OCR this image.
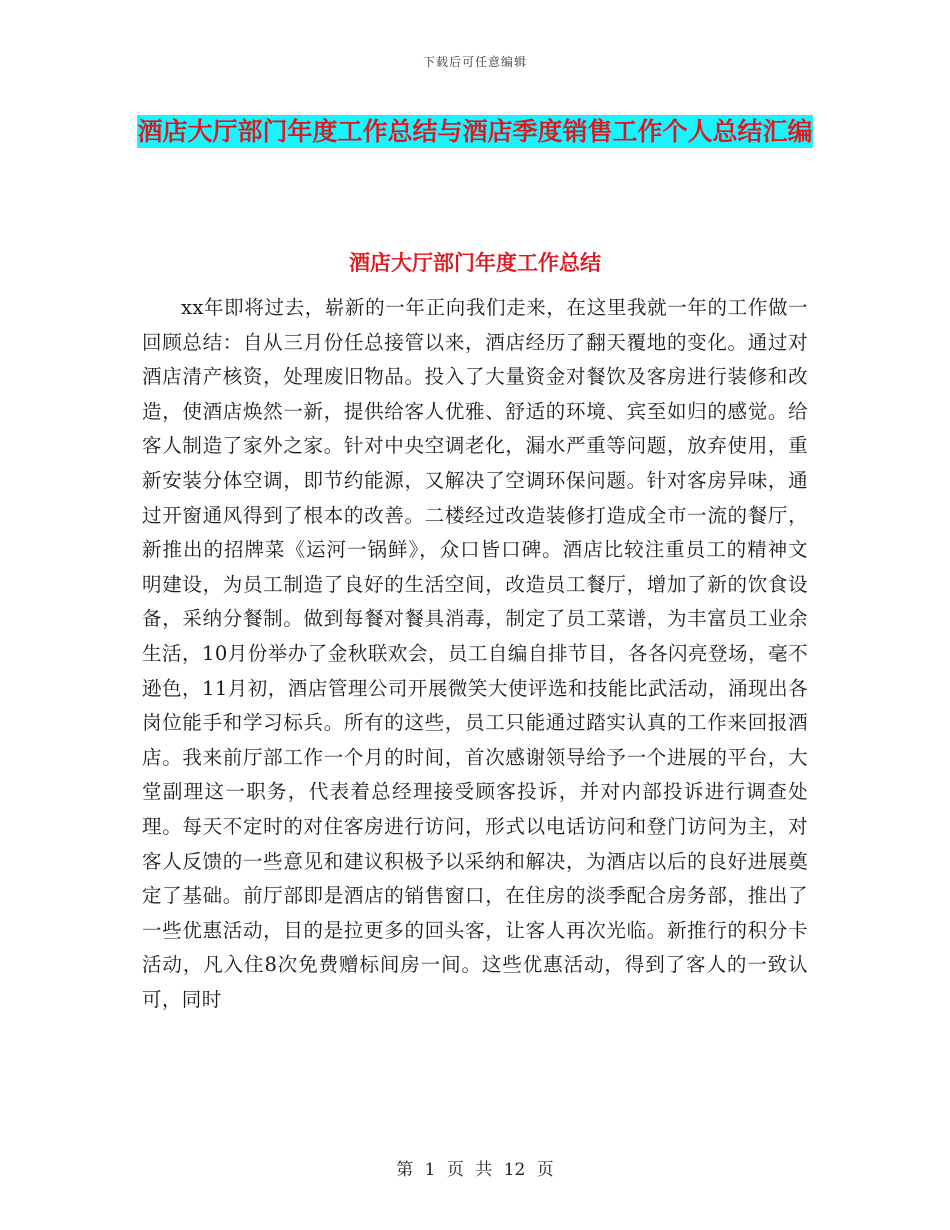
下载后可任意编辑
酒店大厅部门年度工作总结与酒店季度销售工作个人总结汇编
酒店大厅部门年度工作总结

xx年即将过去，崭新的一年正向我们走来，在这里我就一年的工作做一回顾总结：自从三月份任总接管以来，酒店经历了翻天覆地的变化。通过对酒店清产核资，处理废旧物品。投入了大量资金对餐饮及客房进行装修和改造，使酒店焕然一新，提供给客人优雅、舒适的环境、宾至如归的感觉。给客人制造了家外之家。针对中央空调老化，漏水严重等问题，放弃使用，重新安装分体空调，即节约能源，又解决了空调环保问题。针对客房异味，通过开窗通风得到了根本的改善。二楼经过改造装修打造成全市一流的餐厅，新推出的招牌菜《运河一锅鲜》，众口皆口碑。酒店比较注重员工的精神文明建设，为员工制造了良好的生活空间，改造员工餐厅，增加了新的饮食设备，采纳分餐制。做到每餐对餐具消毒，制定了员工菜谱，为丰富员工业余生活，10月份举办了金秋联欢会，员工自编自排节目，各各闪亮登场，毫不逊色，11月初，酒店管理公司开展微笑大使评选和技能比武活动，涌现出各岗位能手和学习标兵。所有的这些，员工只能通过踏实认真的工作来回报酒店。我来前厅部工作一个月的时间，首次感谢领导给予一个进展的平台，大堂副理这一职务，代表着总经理接受顾客投诉，并对内部投诉进行调查处理。每天不定时的对住客房进行访问，形式以电话访问和登门访问为主，对客人反馈的一些意见和建议积极予以采纳和解决，为酒店以后的良好进展奠定了基础。前厅部即是酒店的销售窗口，在住房的淡季配合房务部，推出了一些优惠活动，目的是拉更多的回头客，让客人再次光临。新推行的积分卡活动，凡入住8次免费赠标间房一间。这些优惠活动，得到了客人的一致认可，同时

第 1 页 共 12 页
